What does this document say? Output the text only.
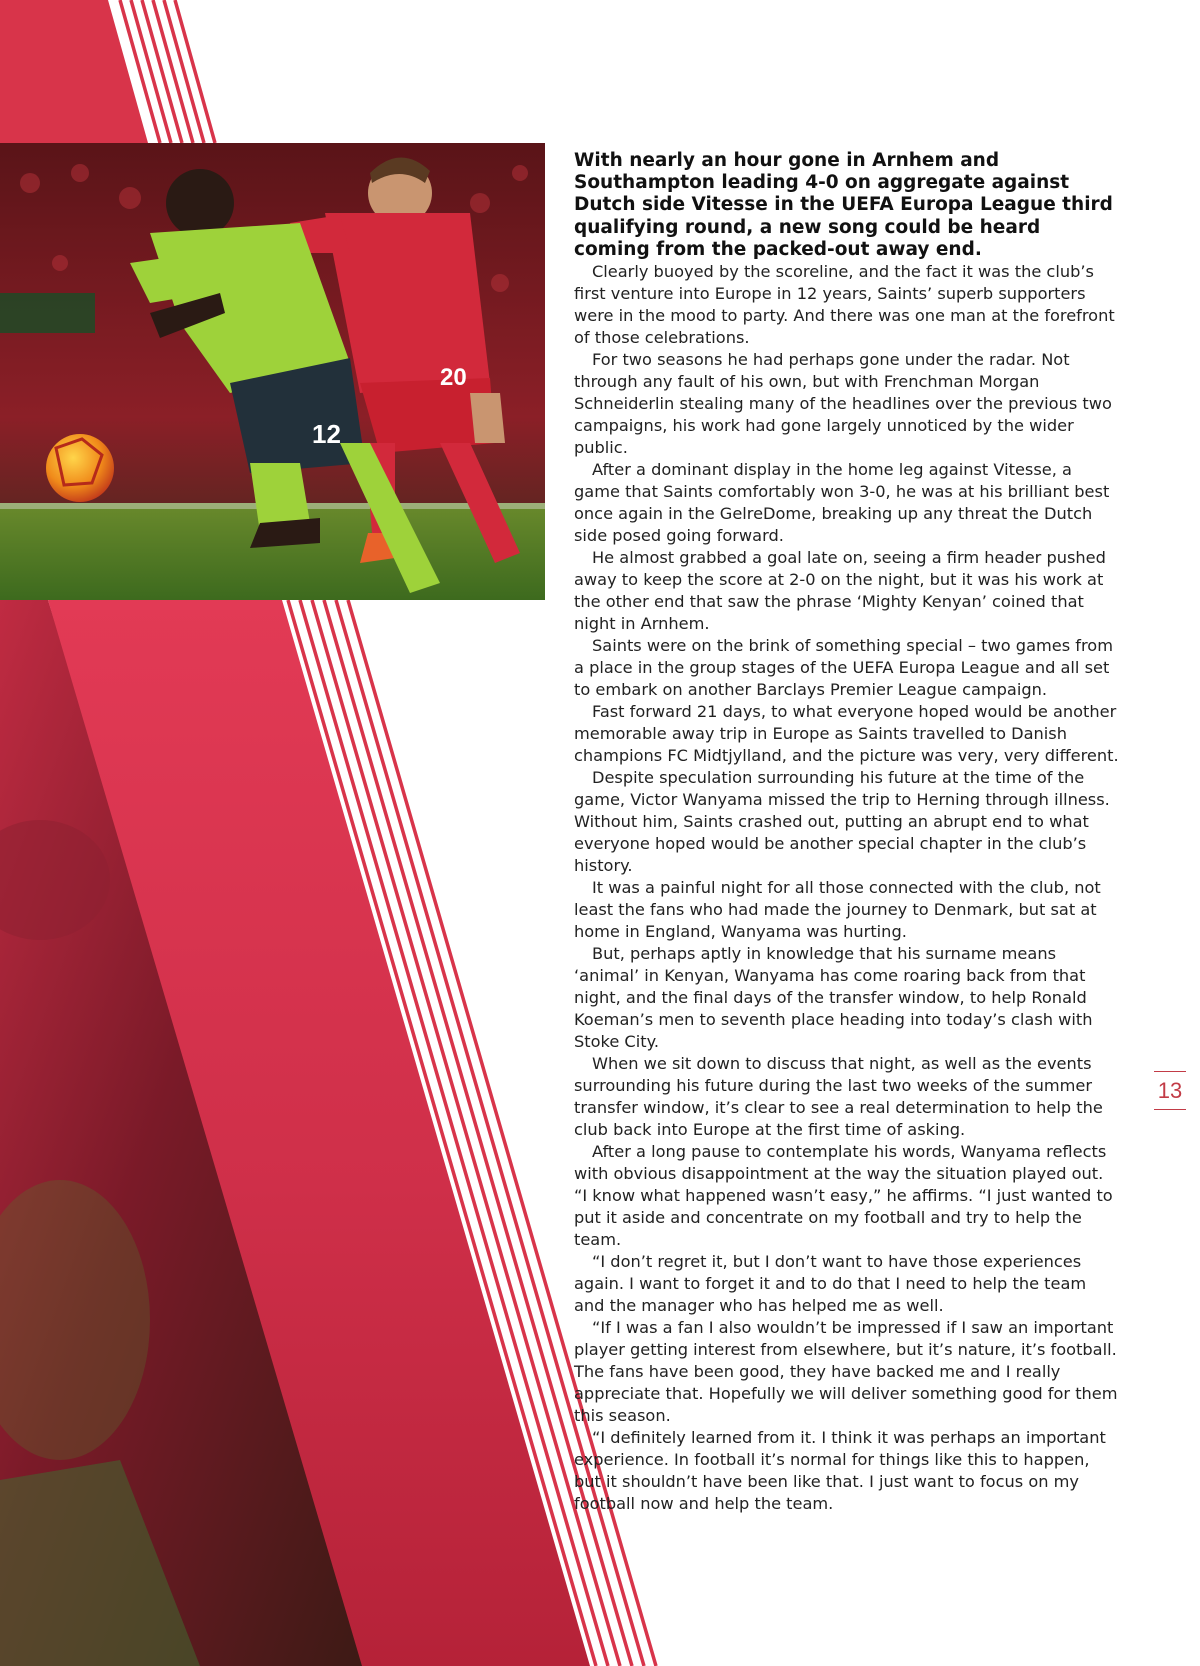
20
12

With nearly an hour gone in Arnhem and Southampton leading 4-0 on aggregate against Dutch side Vitesse in the UEFA Europa League third qualifying round, a new song could be heard coming from the packed-out away end.

Clearly buoyed by the scoreline, and the fact it was the club’s first venture into Europe in 12 years, Saints’ superb supporters were in the mood to party. And there was one man at the forefront of those celebrations.

For two seasons he had perhaps gone under the radar. Not through any fault of his own, but with Frenchman Morgan Schneiderlin stealing many of the headlines over the previous two campaigns, his work had gone largely unnoticed by the wider public.

After a dominant display in the home leg against Vitesse, a game that Saints comfortably won 3-0, he was at his brilliant best once again in the GelreDome, breaking up any threat the Dutch side posed going forward.

He almost grabbed a goal late on, seeing a firm header pushed away to keep the score at 2-0 on the night, but it was his work at the other end that saw the phrase ‘Mighty Kenyan’ coined that night in Arnhem.

Saints were on the brink of something special – two games from a place in the group stages of the UEFA Europa League and all set to embark on another Barclays Premier League campaign.

Fast forward 21 days, to what everyone hoped would be another memorable away trip in Europe as Saints travelled to Danish champions FC Midtjylland, and the picture was very, very different.

Despite speculation surrounding his future at the time of the game, Victor Wanyama missed the trip to Herning through illness. Without him, Saints crashed out, putting an abrupt end to what everyone hoped would be another special chapter in the club’s history.

It was a painful night for all those connected with the club, not least the fans who had made the journey to Denmark, but sat at home in England, Wanyama was hurting.

But, perhaps aptly in knowledge that his surname means ‘animal’ in Kenyan, Wanyama has come roaring back from that night, and the final days of the transfer window, to help Ronald Koeman’s men to seventh place heading into today’s clash with Stoke City.

When we sit down to discuss that night, as well as the events surrounding his future during the last two weeks of the summer transfer window, it’s clear to see a real determination to help the club back into Europe at the first time of asking.

After a long pause to contemplate his words, Wanyama reflects with obvious disappointment at the way the situation played out. “I know what happened wasn’t easy,” he affirms. “I just wanted to put it aside and concentrate on my football and try to help the team.

“I don’t regret it, but I don’t want to have those experiences again. I want to forget it and to do that I need to help the team and the manager who has helped me as well.

“If I was a fan I also wouldn’t be impressed if I saw an important player getting interest from elsewhere, but it’s nature, it’s football. The fans have been good, they have backed me and I really appreciate that. Hopefully we will deliver something good for them this season.

“I definitely learned from it. I think it was perhaps an important experience. In football it’s normal for things like this to happen, but it shouldn’t have been like that. I just want to focus on my football now and help the team.

13
